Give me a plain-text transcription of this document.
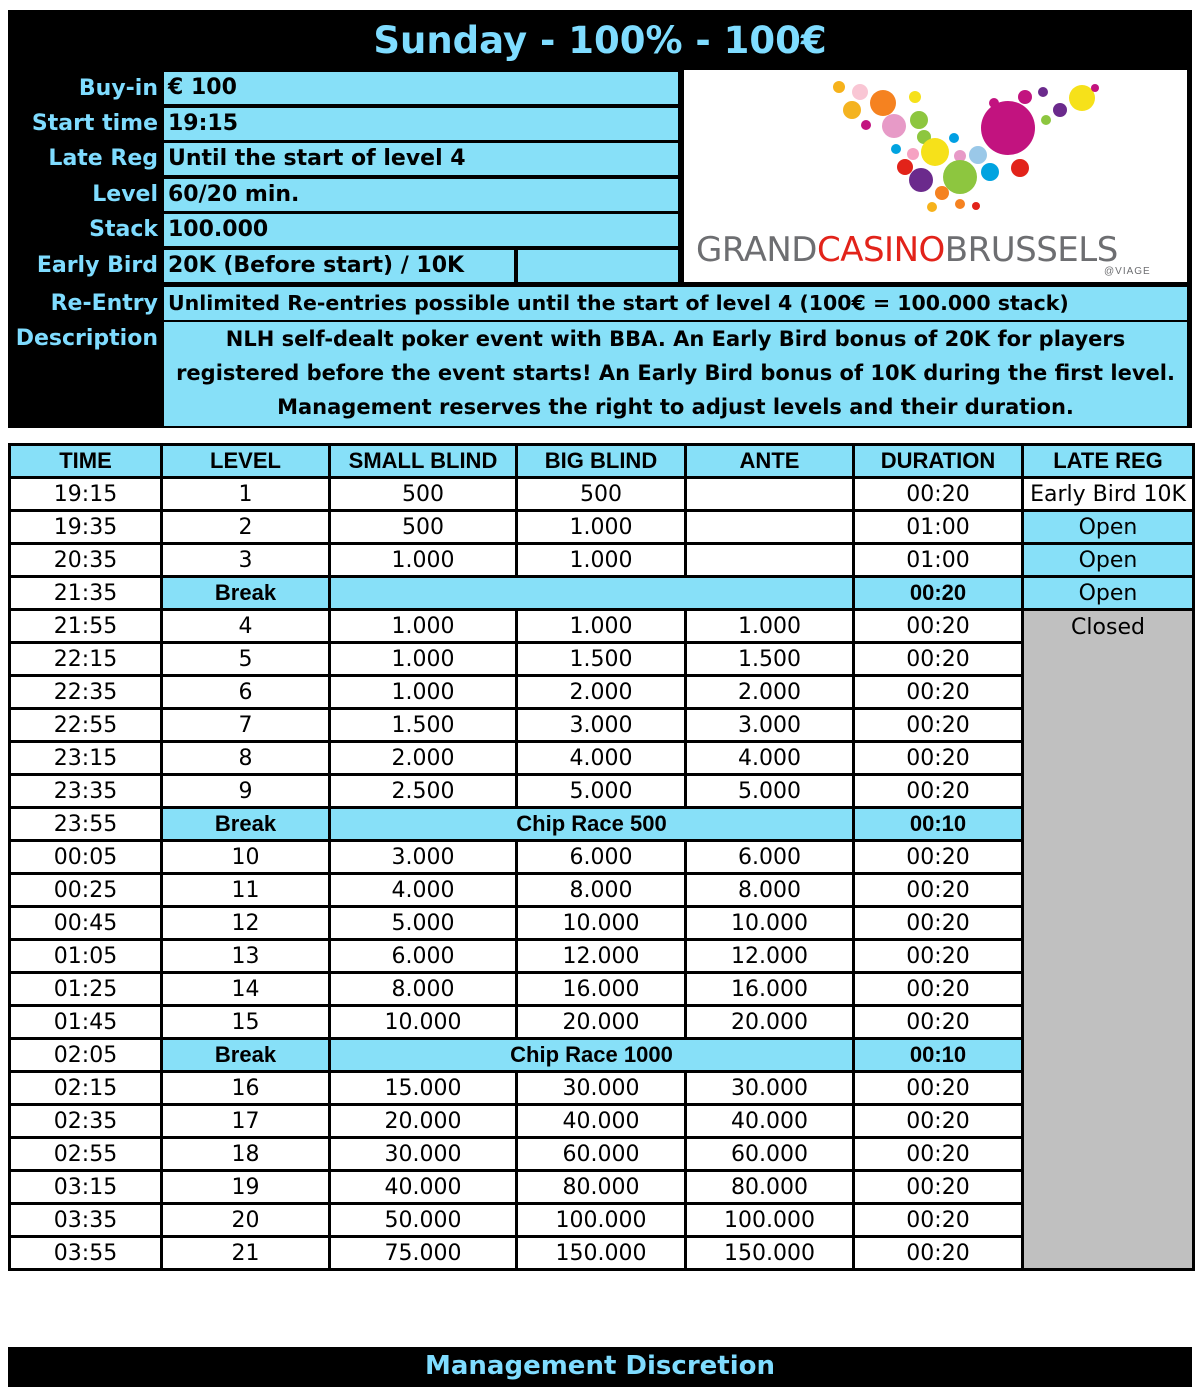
Sunday - 100% - 100€
Buy-in € 100
Start time 19:15
Late Reg Until the start of level 4
Level 60/20 min.
Stack 100.000
Early Bird 20K (Before start) / 10K	GRANDCASINOBRUSSELS
@VIAGE
Re-Entry Unlimited Re-entries possible until the start of level 4 (100€ = 100.000 stack)
Description	NLH self-dealt poker event with BBA. An Early Bird bonus of 20K for players registered before the event starts! An Early Bird bonus of 10K during the first level. Management reserves the right to adjust levels and their duration.
TIME	LEVEL	SMALL BLIND	BIG BLIND	ANTE	DURATION	LATE REG
19:15	1	500	500		00:20	Early Bird 10K
19:35	2	500	1.000		01:00	Open
20:35	3	1.000	1.000		01:00	Open
21:35	Break				00:20	Open
21:55	4	1.000	1.000	1.000	00:20	Closed
22:15	5	1.000	1.500	1.500	00:20	
22:35	6	1.000	2.000	2.000	00:20	
22:55	7	1.500	3.000	3.000	00:20	
23:15	8	2.000	4.000	4.000	00:20	
23:35	9	2.500	5.000	5.000	00:20	
23:55	Break	Chip Race 500			00:10	
00:05	10	3.000	6.000	6.000	00:20	
00:25	11	4.000	8.000	8.000	00:20	
00:45	12	5.000	10.000	10.000	00:20	
01:05	13	6.000	12.000	12.000	00:20	
01:25	14	8.000	16.000	16.000	00:20	
01:45	15	10.000	20.000	20.000	00:20	
02:05	Break	Chip Race 1000			00:10	
02:15	16	15.000	30.000	30.000	00:20	
02:35	17	20.000	40.000	40.000	00:20	
02:55	18	30.000	60.000	60.000	00:20	
03:15	19	40.000	80.000	80.000	00:20	
03:35	20	50.000	100.000	100.000	00:20	
03:55	21	75.000	150.000	150.000	00:20	
Management Discretion
